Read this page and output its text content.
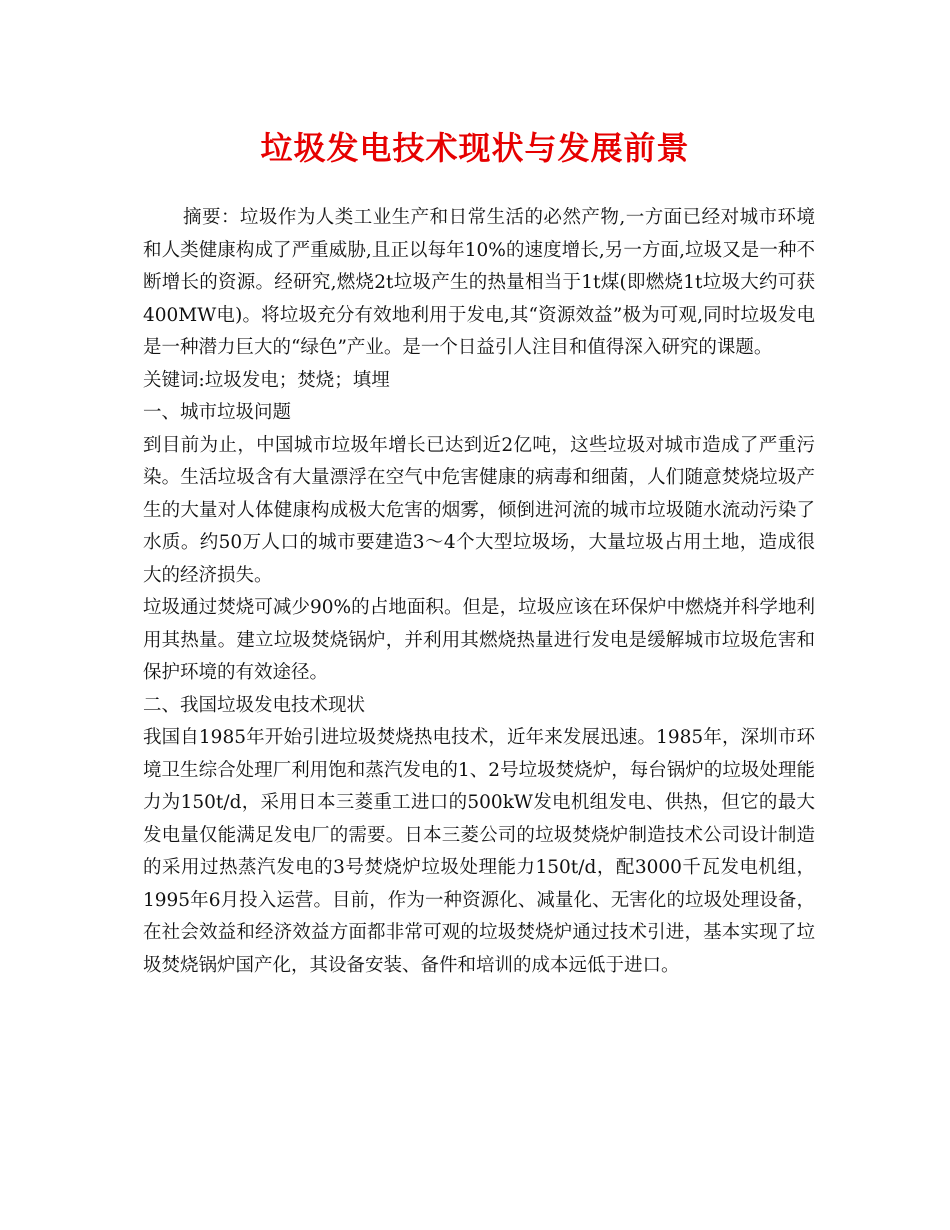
垃圾发电技术现状与发展前景

摘要：垃圾作为人类工业生产和日常生活的必然产物,一方面已经对城市环境和人类健康构成了严重威胁,且正以每年10%的速度增长,另一方面,垃圾又是一种不断增长的资源。经研究,燃烧2t垃圾产生的热量相当于1t煤(即燃烧1t垃圾大约可获400MW电)。将垃圾充分有效地利用于发电,其“资源效益”极为可观,同时垃圾发电是一种潜力巨大的“绿色”产业。是一个日益引人注目和值得深入研究的课题。

关键词:垃圾发电；焚烧；填埋

一、城市垃圾问题

到目前为止，中国城市垃圾年增长已达到近2亿吨，这些垃圾对城市造成了严重污染。生活垃圾含有大量漂浮在空气中危害健康的病毒和细菌，人们随意焚烧垃圾产生的大量对人体健康构成极大危害的烟雾，倾倒进河流的城市垃圾随水流动污染了水质。约50万人口的城市要建造3～4个大型垃圾场，大量垃圾占用土地，造成很大的经济损失。

垃圾通过焚烧可减少90%的占地面积。但是，垃圾应该在环保炉中燃烧并科学地利用其热量。建立垃圾焚烧锅炉，并利用其燃烧热量进行发电是缓解城市垃圾危害和保护环境的有效途径。

二、我国垃圾发电技术现状

我国自1985年开始引进垃圾焚烧热电技术，近年来发展迅速。1985年，深圳市环境卫生综合处理厂利用饱和蒸汽发电的1、2号垃圾焚烧炉，每台锅炉的垃圾处理能力为150t/d，采用日本三菱重工进口的500kW发电机组发电、供热，但它的最大发电量仅能满足发电厂的需要。日本三菱公司的垃圾焚烧炉制造技术公司设计制造的采用过热蒸汽发电的3号焚烧炉垃圾处理能力150t/d，配3000千瓦发电机组，1995年6月投入运营。目前，作为一种资源化、减量化、无害化的垃圾处理设备，在社会效益和经济效益方面都非常可观的垃圾焚烧炉通过技术引进，基本实现了垃圾焚烧锅炉国产化，其设备安装、备件和培训的成本远低于进口。
